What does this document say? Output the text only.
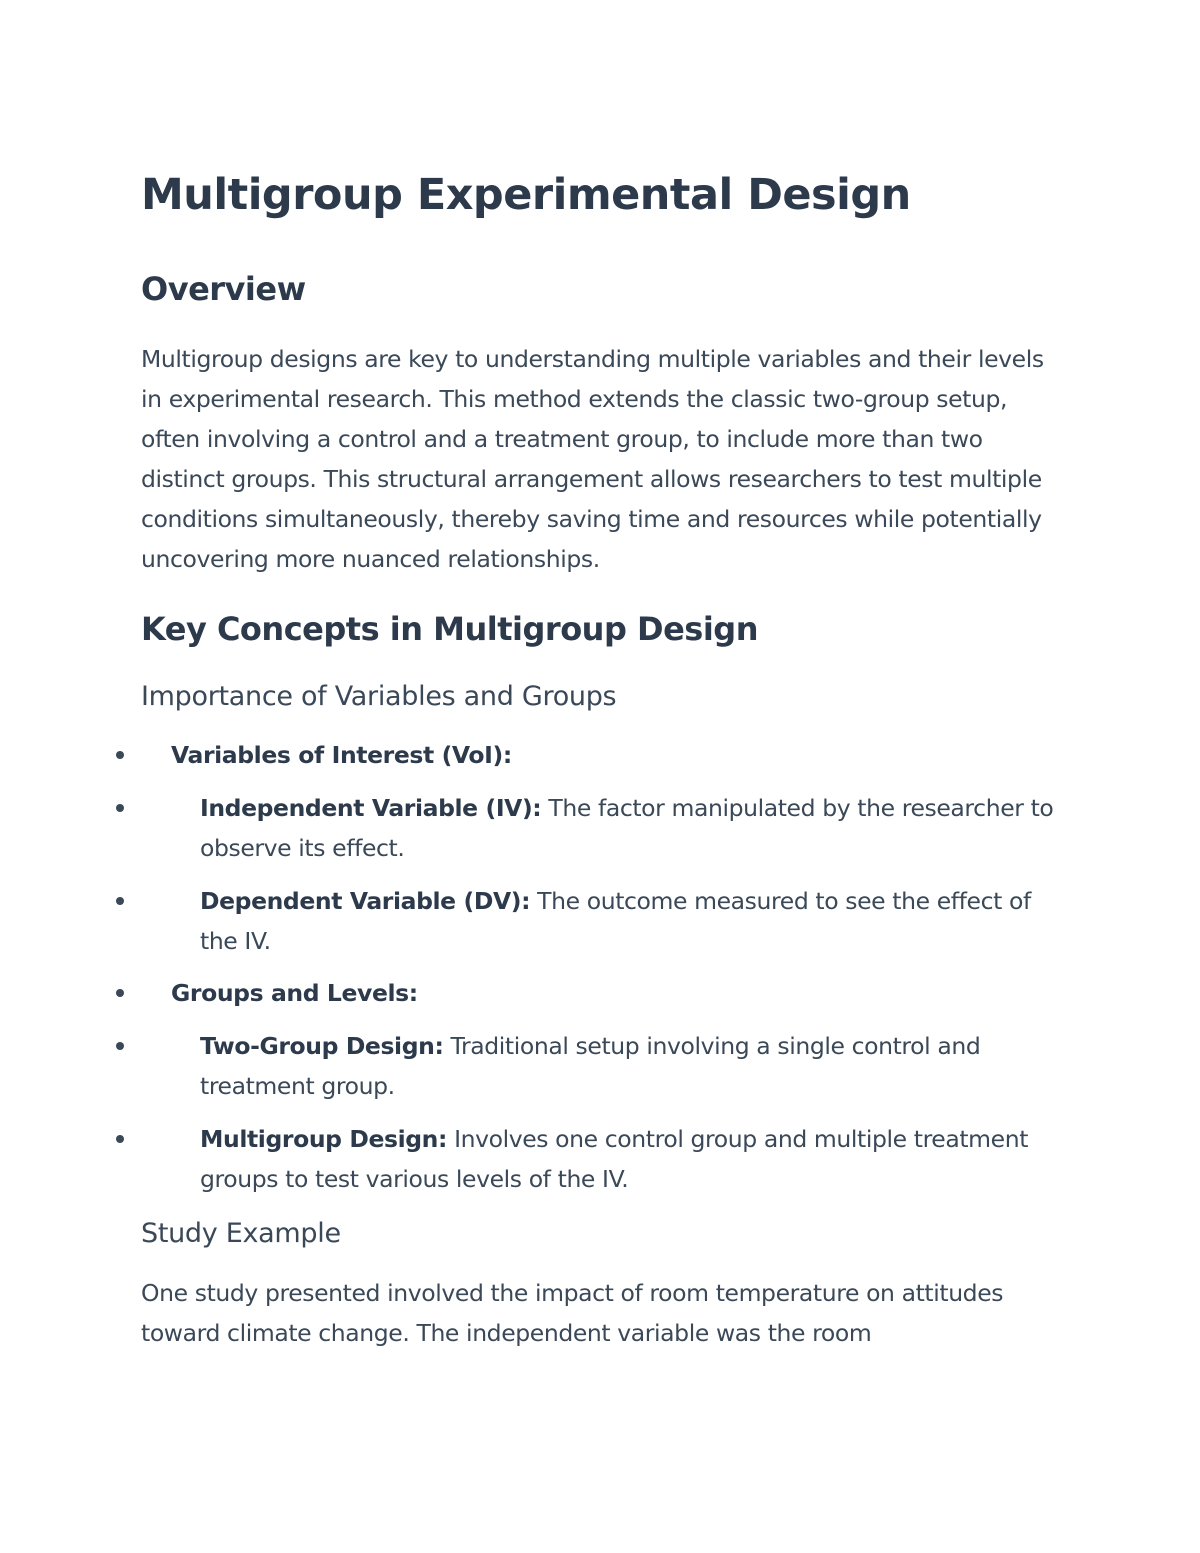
Multigroup Experimental Design
Overview

Multigroup designs are key to understanding multiple variables and their levels in experimental research. This method extends the classic two-group setup, often involving a control and a treatment group, to include more than two distinct groups. This structural arrangement allows researchers to test multiple conditions simultaneously, thereby saving time and resources while potentially uncovering more nuanced relationships.

Key Concepts in Multigroup Design
Importance of Variables and Groups
Variables of Interest (VoI):
Independent Variable (IV): The factor manipulated by the researcher to observe its effect.
Dependent Variable (DV): The outcome measured to see the effect of the IV.
Groups and Levels:
Two-Group Design: Traditional setup involving a single control and treatment group.
Multigroup Design: Involves one control group and multiple treatment groups to test various levels of the IV.
Study Example

One study presented involved the impact of room temperature on attitudes toward climate change. The independent variable was the room
